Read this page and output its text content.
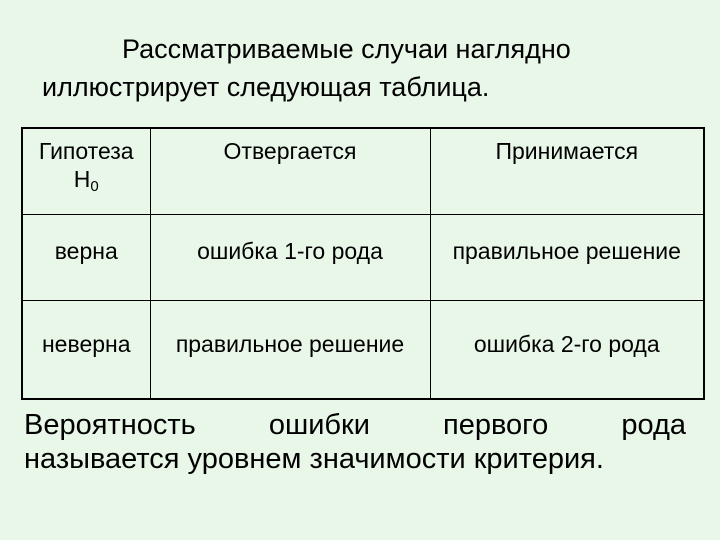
Рассматриваемые случаи наглядно
иллюстрирует следующая таблица.
Гипотеза
$H_0$	Отвергается	Принимается
верна	ошибка 1-го рода	правильное решение
неверна	правильное решение	ошибка 2-го рода
Вероятность ошибки первого рода
называется уровнем значимости критерия.
